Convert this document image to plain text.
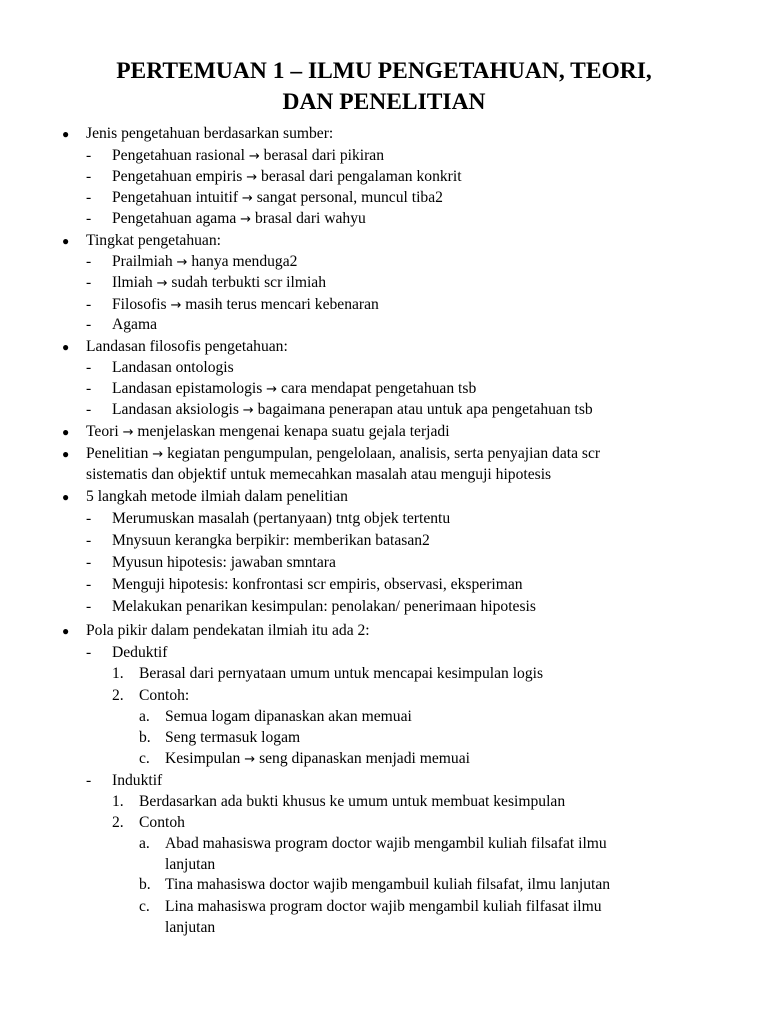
PERTEMUAN 1 – ILMU PENGETAHUAN, TEORI,
DAN PENELITIAN
● Jenis pengetahuan berdasarkan sumber:
- Pengetahuan rasional → berasal dari pikiran
- Pengetahuan empiris → berasal dari pengalaman konkrit
- Pengetahuan intuitif → sangat personal, muncul tiba2
- Pengetahuan agama → brasal dari wahyu
● Tingkat pengetahuan:
- Prailmiah → hanya menduga2
- Ilmiah → sudah terbukti scr ilmiah
- Filosofis → masih terus mencari kebenaran
- Agama
● Landasan filosofis pengetahuan:
- Landasan ontologis
- Landasan epistamologis → cara mendapat pengetahuan tsb
- Landasan aksiologis → bagaimana penerapan atau untuk apa pengetahuan tsb
● Teori → menjelaskan mengenai kenapa suatu gejala terjadi
● Penelitian → kegiatan pengumpulan, pengelolaan, analisis, serta penyajian data scr
sistematis dan objektif untuk memecahkan masalah atau menguji hipotesis
● 5 langkah metode ilmiah dalam penelitian
- Merumuskan masalah (pertanyaan) tntg objek tertentu
- Mnysuun kerangka berpikir: memberikan batasan2
- Myusun hipotesis: jawaban smntara
- Menguji hipotesis: konfrontasi scr empiris, observasi, eksperiman
- Melakukan penarikan kesimpulan: penolakan/ penerimaan hipotesis
● Pola pikir dalam pendekatan ilmiah itu ada 2:
- Deduktif
1. Berasal dari pernyataan umum untuk mencapai kesimpulan logis
2. Contoh:
a. Semua logam dipanaskan akan memuai
b. Seng termasuk logam
c. Kesimpulan → seng dipanaskan menjadi memuai
- Induktif
1. Berdasarkan ada bukti khusus ke umum untuk membuat kesimpulan
2. Contoh
a. Abad mahasiswa program doctor wajib mengambil kuliah filsafat ilmu
lanjutan
b. Tina mahasiswa doctor wajib mengambuil kuliah filsafat, ilmu lanjutan
c. Lina mahasiswa program doctor wajib mengambil kuliah filfasat ilmu
lanjutan
